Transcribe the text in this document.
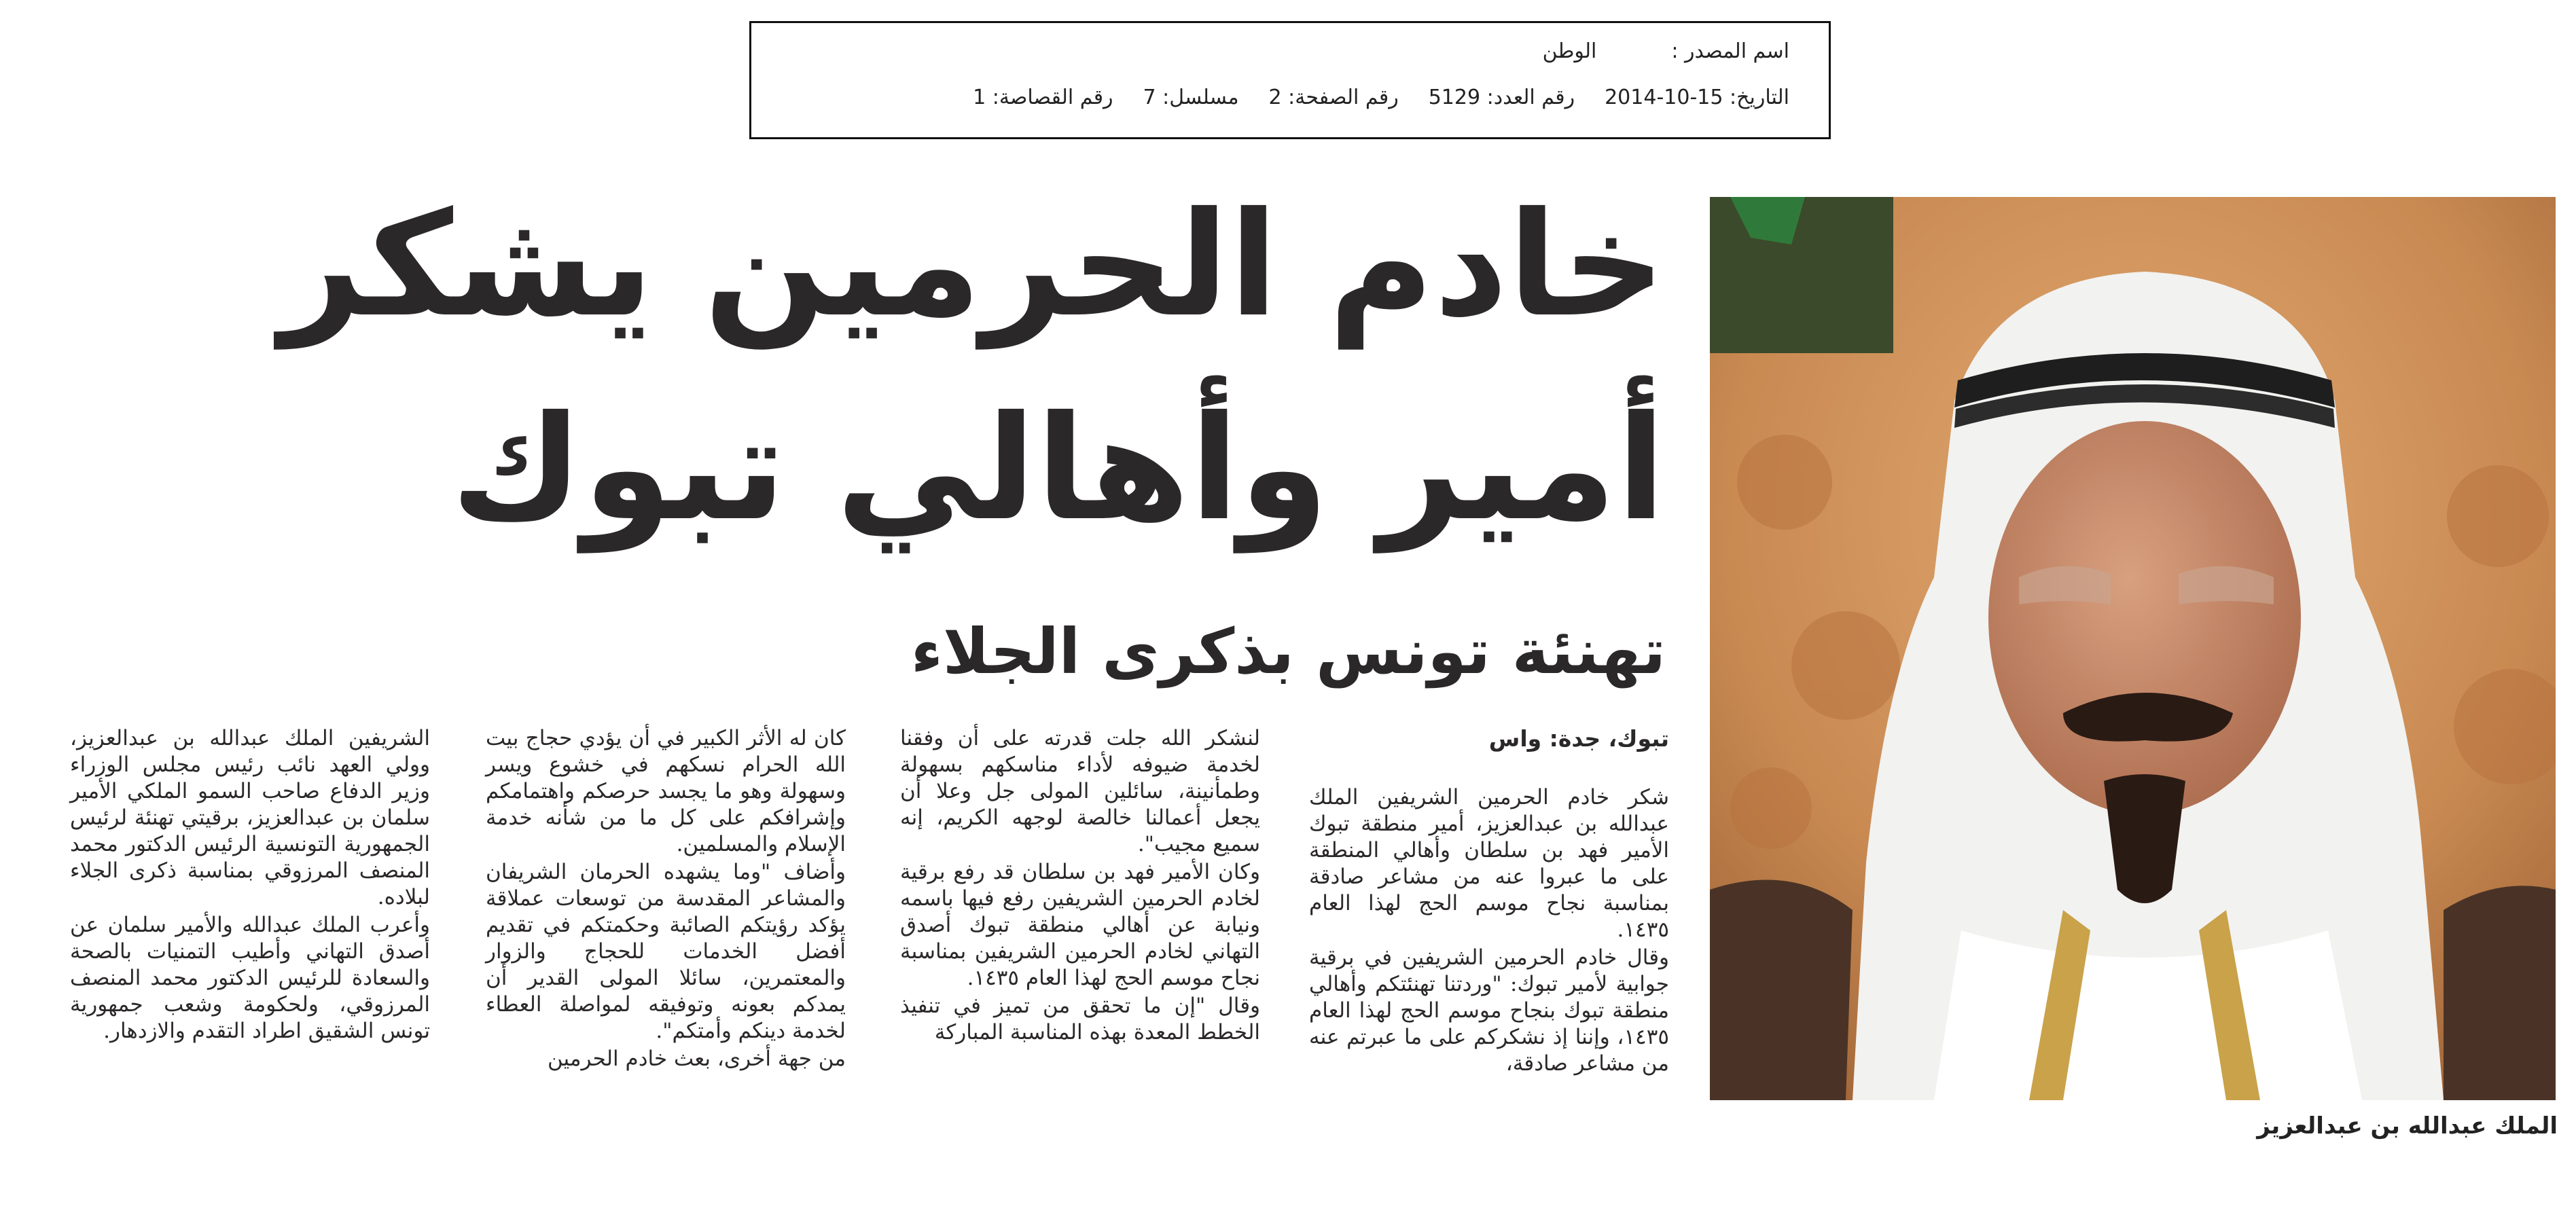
اسم المصدر :الوطن
التاريخ: 15-10-2014رقم العدد: 5129رقم الصفحة: 2مسلسل: 7رقم القصاصة: 1
خادم الحرمين يشكر أمير وأهالي تبوك
تهنئة تونس بذكرى الجلاء
الملك عبدالله بن عبدالعزيز

تبوك، جدة: واس

شكر خادم الحرمين الشريفين الملك عبدالله بن عبدالعزيز، أمير منطقة تبوك الأمير فهد بن سلطان وأهالي المنطقة على ما عبروا عنه من مشاعر صادقة بمناسبة نجاح موسم الحج لهذا العام ١٤٣٥.

وقال خادم الحرمين الشريفين في برقية جوابية لأمير تبوك: "وردتنا تهنئتكم وأهالي منطقة تبوك بنجاح موسم الحج لهذا العام ١٤٣٥، وإننا إذ نشكركم على ما عبرتم عنه من مشاعر صادقة،

لنشكر الله جلت قدرته على أن وفقنا لخدمة ضيوفه لأداء مناسكهم بسهولة وطمأنينة، سائلين المولى جل وعلا أن يجعل أعمالنا خالصة لوجهه الكريم، إنه سميع مجيب".

وكان الأمير فهد بن سلطان قد رفع برقية لخادم الحرمين الشريفين رفع فيها باسمه ونيابة عن أهالي منطقة تبوك أصدق التهاني لخادم الحرمين الشريفين بمناسبة نجاح موسم الحج لهذا العام ١٤٣٥.

وقال "إن ما تحقق من تميز في تنفيذ الخطط المعدة بهذه المناسبة المباركة

كان له الأثر الكبير في أن يؤدي حجاج بيت الله الحرام نسكهم في خشوع ويسر وسهولة وهو ما يجسد حرصكم واهتمامكم وإشرافكم على كل ما من شأنه خدمة الإسلام والمسلمين.

وأضاف "وما يشهده الحرمان الشريفان والمشاعر المقدسة من توسعات عملاقة يؤكد رؤيتكم الصائبة وحكمتكم في تقديم أفضل الخدمات للحجاج والزوار والمعتمرين، سائلا المولى القدير أن يمدكم بعونه وتوفيقه لمواصلة العطاء لخدمة دينكم وأمتكم".

من جهة أخرى، بعث خادم الحرمين

الشريفين الملك عبدالله بن عبدالعزيز، وولي العهد نائب رئيس مجلس الوزراء وزير الدفاع صاحب السمو الملكي الأمير سلمان بن عبدالعزيز، برقيتي تهنئة لرئيس الجمهورية التونسية الرئيس الدكتور محمد المنصف المرزوقي بمناسبة ذكرى الجلاء لبلاده.

وأعرب الملك عبدالله والأمير سلمان عن أصدق التهاني وأطيب التمنيات بالصحة والسعادة للرئيس الدكتور محمد المنصف المرزوقي، ولحكومة وشعب جمهورية تونس الشقيق اطراد التقدم والازدهار.
